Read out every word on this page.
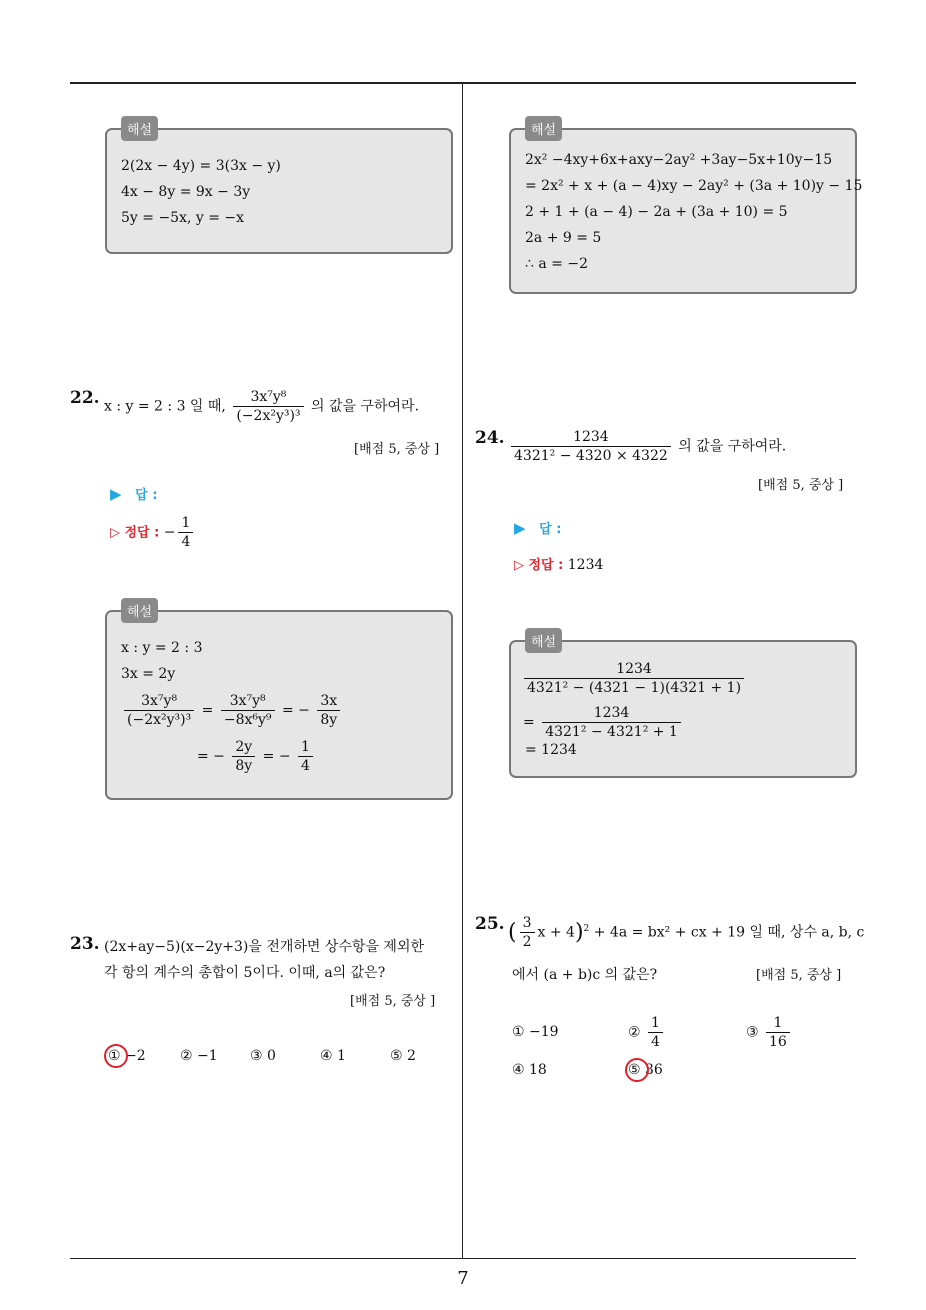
해설
2(2x − 4y) = 3(3x − y)
4x − 8y = 9x − 3y
5y = −5x, y = −x
22. x : y = 2 : 3 일 때, $\frac{\text{3x⁷y⁸}}{\text{(−2x²y³)³}}$ 의 값을 구하여라.
[배점 5, 중상 ]
▶ 답 :
▷ 정답 : − $\frac{1}{4}$
해설
x : y = 2 : 3
3x = 2y
$\frac{\text{3x⁷y⁸}}{\text{(−2x²y³)³}} = \frac{\text{3x⁷y⁸}}{\text{−8x⁶y⁹}}$ = − $\frac{3x}{8y}$
= − $\frac{2y}{8y}$ = − $\frac{1}{4}$
23. (2x+ay−5)(x−2y+3)을 전개하면 상수항을 제외한
각 항의 계수의 총합이 5이다. 이때, a의 값은?
[배점 5, 중상 ]
① −2 ② −1 ③ 0	④ 1	⑤ 2
해설
2x² −4xy+6x+axy−2ay² +3ay−5x+10y−15
= 2x² + x + (a − 4)xy − 2ay² + (3a + 10)y − 15
2 + 1 + (a − 4) − 2a + (3a + 10) = 5
2a + 9 = 5
∴ a = −2
24. $\frac{1234}{\text{4321² − 4320 × 4322}}$ 의 값을 구하여라.
[배점 5, 중상 ]
▶ 답 :
▷ 정답 : 1234
해설
$\frac{1234}{\text{4321² − (4321 − 1)(4321 + 1)}}$
= $\frac{1234}{\text{4321² − 4321² + 1}}$
= 1234
25. ( $\frac{3}{2}$ x + 4)$^2$ + 4a = bx² + cx + 19 일 때, 상수 a, b, c
에서 (a + b)c 의 값은?	[배점 5, 중상 ]
① −19	② $\frac{1}{4}$	③ $\frac{1}{16}$
④ 18	⑤ 36
7
